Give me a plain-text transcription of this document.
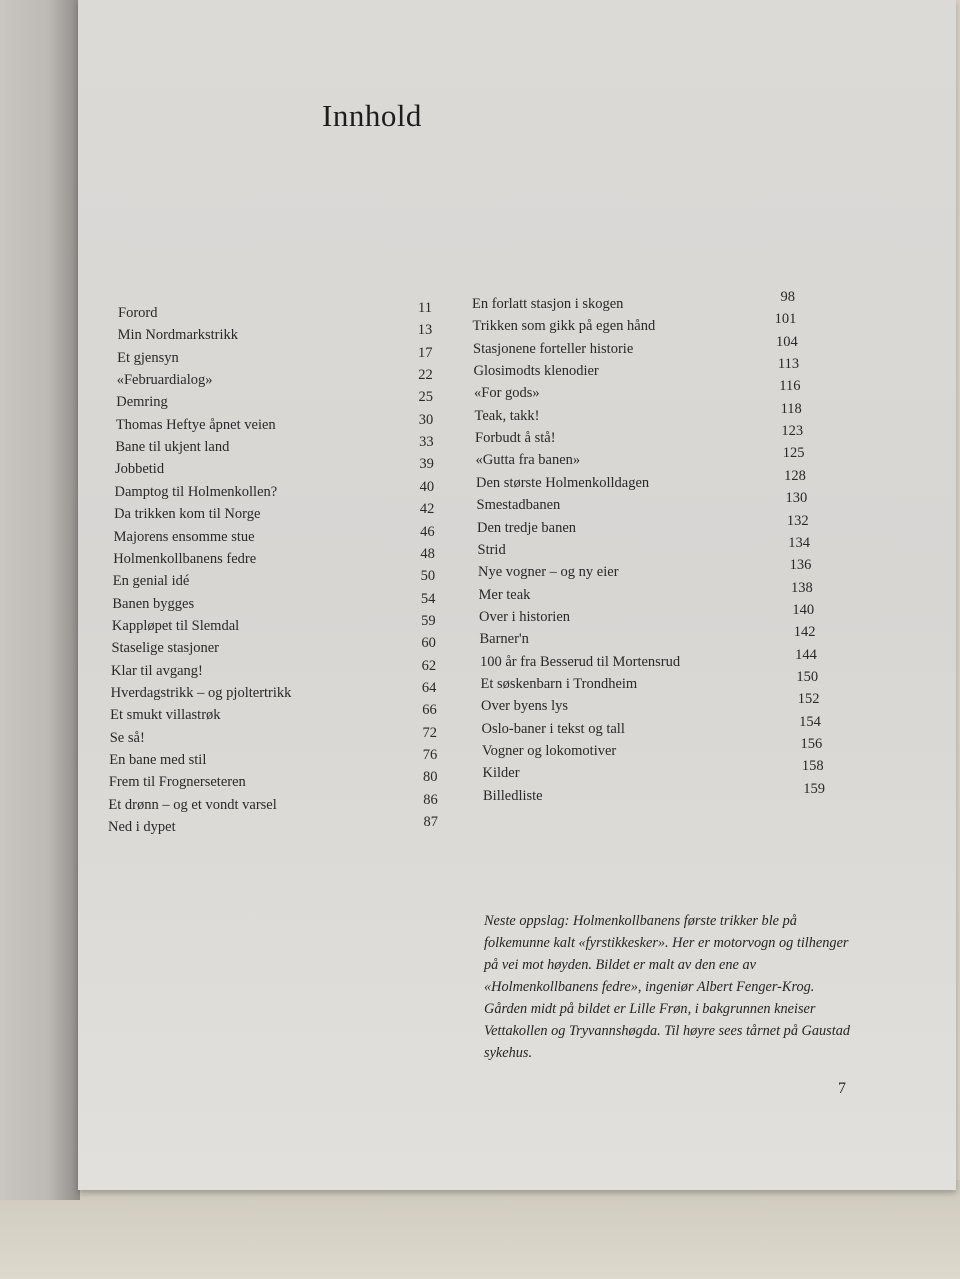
Innhold
Forord	11
Min Nordmarkstrikk	13
Et gjensyn	17
«Februardialog»	22
Demring	25
Thomas Heftye åpnet veien	30
Bane til ukjent land	33
Jobbetid	39
Damptog til Holmenkollen?	40
Da trikken kom til Norge	42
Majorens ensomme stue	46
Holmenkollbanens fedre	48
En genial idé	50
Banen bygges	54
Kappløpet til Slemdal	59
Staselige stasjoner	60
Klar til avgang!	62
Hverdagstrikk – og pjoltertrikk	64
Et smukt villastrøk	66
Se så!	72
En bane med stil	76
Frem til Frognerseteren	80
Et drønn – og et vondt varsel	86
Ned i dypet	87
En forlatt stasjon i skogen	98
Trikken som gikk på egen hånd	101
Stasjonene forteller historie	104
Glosimodts klenodier	113
«For gods»	116
Teak, takk!	118
Forbudt å stå!	123
«Gutta fra banen»	125
Den største Holmenkolldagen	128
Smestadbanen	130
Den tredje banen	132
Strid	134
Nye vogner – og ny eier	136
Mer teak	138
Over i historien	140
Barner'n	142
100 år fra Besserud til Mortensrud	144
Et søskenbarn i Trondheim	150
Over byens lys	152
Oslo-baner i tekst og tall	154
Vogner og lokomotiver	156
Kilder	158
Billedliste	159
Neste oppslag: Holmenkollbanens første trikker ble på folkemunne kalt «fyrstikkesker». Her er motorvogn og tilhenger på vei mot høyden. Bildet er malt av den ene av «Holmenkollbanens fedre», ingeniør Albert Fenger-Krog. Gården midt på bildet er Lille Frøn, i bakgrunnen kneiser Vettakollen og Tryvannshøgda. Til høyre sees tårnet på Gaustad sykehus.
7
